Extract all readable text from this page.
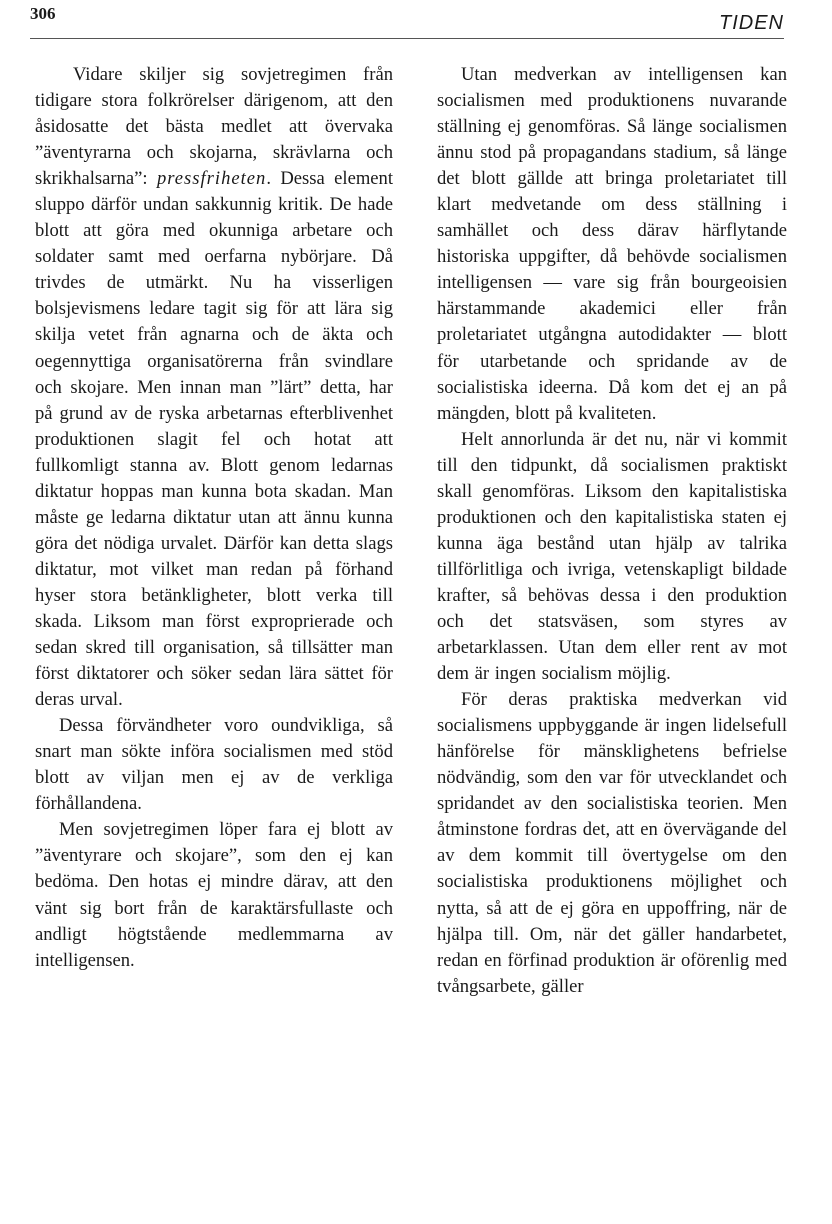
306	TIDEN

Vidare skiljer sig sovjetregimen från tidigare stora folkrörelser därigenom, att den åsidosatte det bästa medlet att övervaka ”äventyrarna och skojarna, skrävlarna och skrikhalsarna”: pressfriheten. Dessa element sluppo därför undan sakkunnig kritik. De hade blott att göra med okunniga arbetare och soldater samt med oerfarna nybörjare. Då trivdes de utmärkt. Nu ha visserligen bolsjevismens ledare tagit sig för att lära sig skilja vetet från agnarna och de äkta och oegennyttiga organisatörerna från svindlare och skojare. Men innan man ”lärt” detta, har på grund av de ryska arbetarnas efterblivenhet produktionen slagit fel och hotat att fullkomligt stanna av. Blott genom ledarnas diktatur hoppas man kunna bota skadan. Man måste ge ledarna diktatur utan att ännu kunna göra det nödiga urvalet. Därför kan detta slags diktatur, mot vilket man redan på förhand hyser stora betänkligheter, blott verka till skada. Liksom man först exproprierade och sedan skred till organisation, så tillsätter man först diktatorer och söker sedan lära sättet för deras urval.

Dessa förvändheter voro oundvikliga, så snart man sökte införa socialismen med stöd blott av viljan men ej av de verkliga förhållandena.

Men sovjetregimen löper fara ej blott av ”äventyrare och skojare”, som den ej kan bedöma. Den hotas ej mindre därav, att den vänt sig bort från de karaktärsfullaste och andligt högtstående medlemmarna av intelligensen.

Utan medverkan av intelligensen kan socialismen med produktionens nuvarande ställning ej genomföras. Så länge socialismen ännu stod på propagandans stadium, så länge det blott gällde att bringa proletariatet till klart medvetande om dess ställning i samhället och dess därav härflytande historiska uppgifter, då behövde socialismen intelligensen — vare sig från bourgeoisien härstammande akademici eller från proletariatet utgångna autodidakter — blott för utarbetande och spridande av de socialistiska ideerna. Då kom det ej an på mängden, blott på kvaliteten.

Helt annorlunda är det nu, när vi kommit till den tidpunkt, då socialismen praktiskt skall genomföras. Liksom den kapitalistiska produktionen och den kapitalistiska staten ej kunna äga bestånd utan hjälp av talrika tillförlitliga och ivriga, vetenskapligt bildade krafter, så behövas dessa i den produktion och det statsväsen, som styres av arbetarklassen. Utan dem eller rent av mot dem är ingen socialism möjlig.

För deras praktiska medverkan vid socialismens uppbyggande är ingen lidelsefull hänförelse för mänsklighetens befrielse nödvändig, som den var för utvecklandet och spridandet av den socialistiska teorien. Men åtminstone fordras det, att en övervägande del av dem kommit till övertygelse om den socialistiska produktionens möjlighet och nytta, så att de ej göra en uppoffring, när de hjälpa till. Om, när det gäller handarbetet, redan en förfinad produktion är oförenlig med tvångsarbete, gäller
